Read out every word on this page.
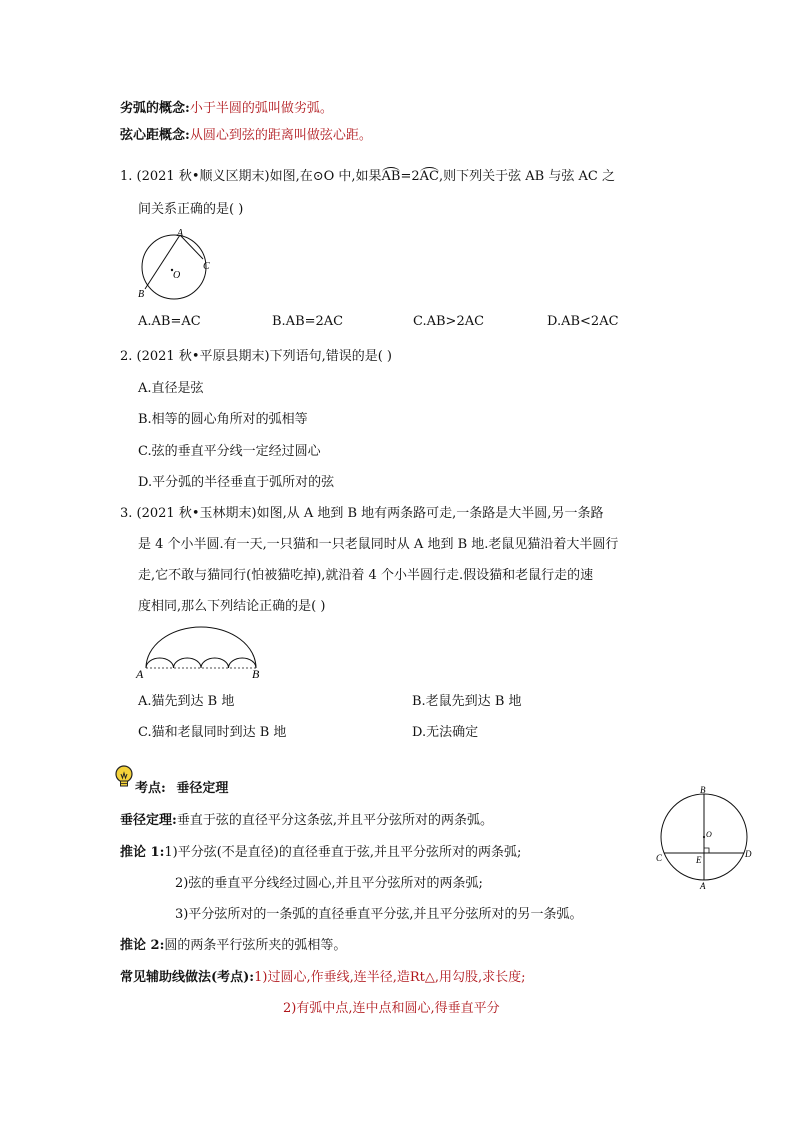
劣弧的概念:小于半圆的弧叫做劣弧。
弦心距概念:从圆心到弦的距离叫做弦心距。
1. (2021 秋•顺义区期末)如图,在⊙O 中,如果AB=2AC,则下列关于弦 AB 与弦 AC 之
间关系正确的是( )
A
C
O
B
A.AB=AC	B.AB=2AC	C.AB>2AC	D.AB<2AC
2. (2021 秋•平原县期末)下列语句,错误的是( )
A.直径是弦
B.相等的圆心角所对的弧相等
C.弦的垂直平分线一定经过圆心
D.平分弧的半径垂直于弧所对的弦
3. (2021 秋•玉林期末)如图,从 A 地到 B 地有两条路可走,一条路是大半圆,另一条路
是 4 个小半圆.有一天,一只猫和一只老鼠同时从 A 地到 B 地.老鼠见猫沿着大半圆行
走,它不敢与猫同行(怕被猫吃掉),就沿着 4 个小半圆行走.假设猫和老鼠行走的速
度相同,那么下列结论正确的是( )
A	B
A.猫先到达 B 地	B.老鼠先到达 B 地
C.猫和老鼠同时到达 B 地	D.无法确定
考点: 垂径定理
垂径定理:垂直于弦的直径平分这条弦,并且平分弦所对的两条弧。
推论 1:1)平分弦(不是直径)的直径垂直于弦,并且平分弦所对的两条弧;
2)弦的垂直平分线经过圆心,并且平分弦所对的两条弧;
3)平分弦所对的一条弧的直径垂直平分弦,并且平分弦所对的另一条弧。
推论 2:圆的两条平行弦所夹的弧相等。
常见辅助线做法(考点):1)过圆心,作垂线,连半径,造Rt△,用勾股,求长度;
2)有弧中点,连中点和圆心,得垂直平分
B
O
C	E
D
A
